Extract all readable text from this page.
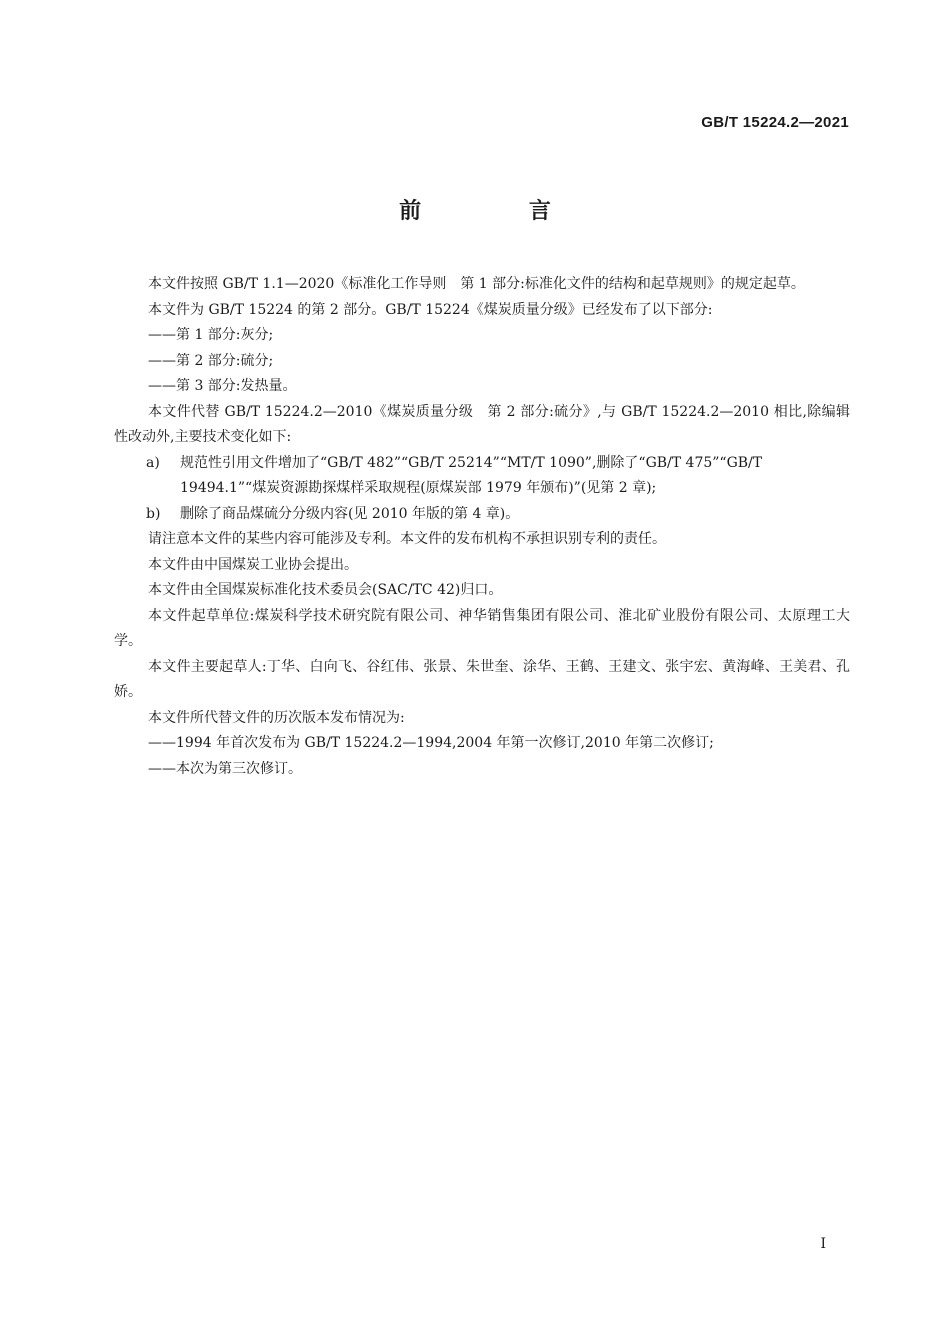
GB/T 15224.2—2021
前 言

本文件按照 GB/T 1.1—2020《标准化工作导则　第 1 部分:标准化文件的结构和起草规则》的规定起草。

本文件为 GB/T 15224 的第 2 部分。GB/T 15224《煤炭质量分级》已经发布了以下部分:

——第 1 部分:灰分;

——第 2 部分:硫分;

——第 3 部分:发热量。

本文件代替 GB/T 15224.2—2010《煤炭质量分级　第 2 部分:硫分》,与 GB/T 15224.2—2010 相比,除编辑性改动外,主要技术变化如下:

a) 规范性引用文件增加了“GB/T 482”“GB/T 25214”“MT/T 1090”,删除了“GB/T 475”“GB/T 19494.1”“煤炭资源勘探煤样采取规程(原煤炭部 1979 年颁布)”(见第 2 章);

b) 删除了商品煤硫分分级内容(见 2010 年版的第 4 章)。

请注意本文件的某些内容可能涉及专利。本文件的发布机构不承担识别专利的责任。

本文件由中国煤炭工业协会提出。

本文件由全国煤炭标准化技术委员会(SAC/TC 42)归口。

本文件起草单位:煤炭科学技术研究院有限公司、神华销售集团有限公司、淮北矿业股份有限公司、太原理工大学。

本文件主要起草人:丁华、白向飞、谷红伟、张景、朱世奎、涂华、王鹤、王建文、张宇宏、黄海峰、王美君、孔娇。

本文件所代替文件的历次版本发布情况为:

——1994 年首次发布为 GB/T 15224.2—1994,2004 年第一次修订,2010 年第二次修订;

——本次为第三次修订。

I
